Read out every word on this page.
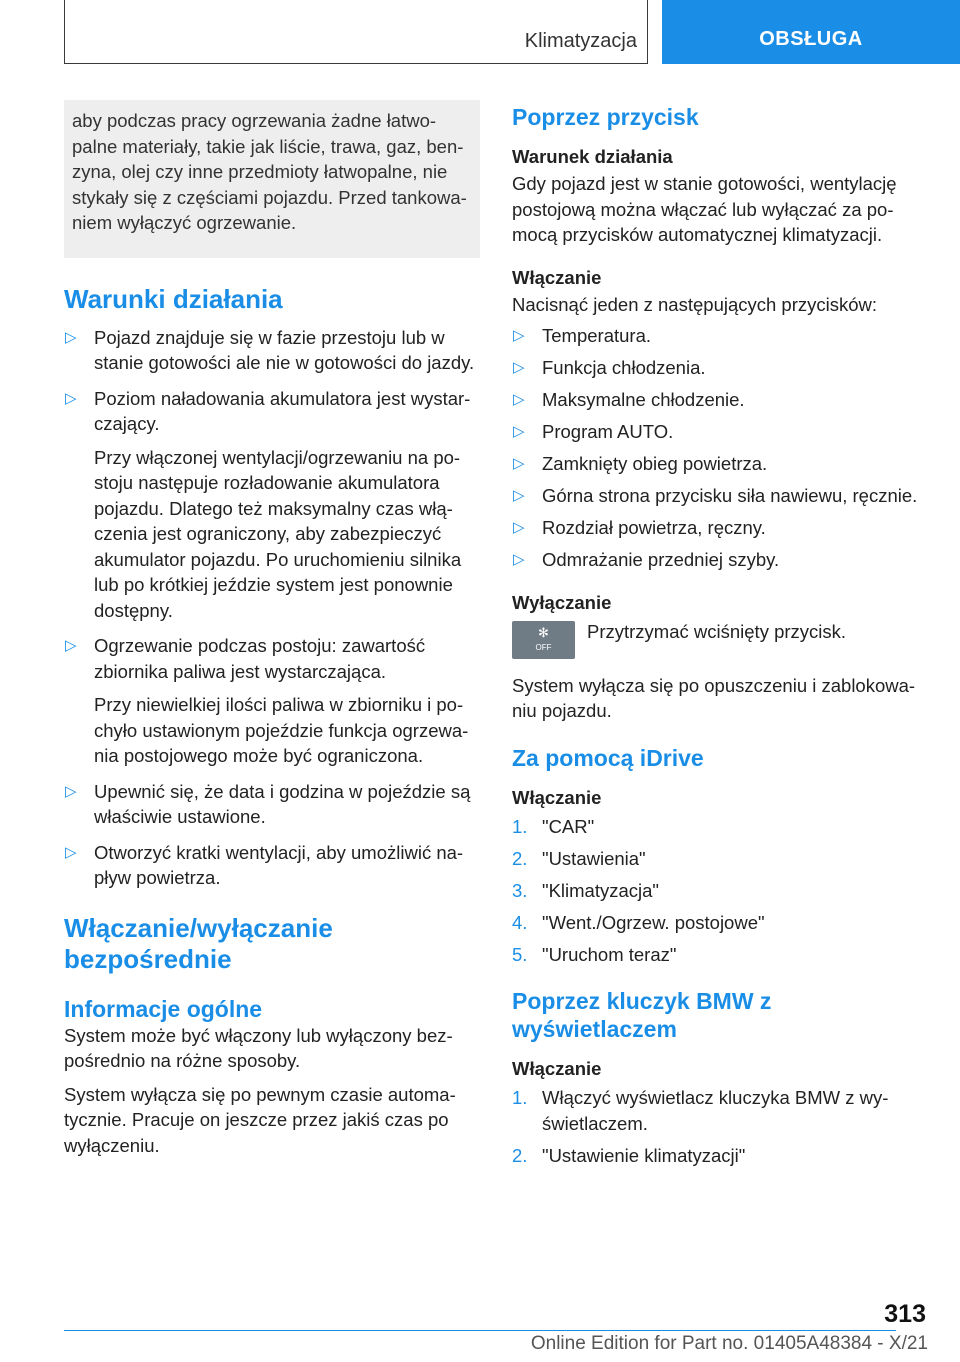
Klimatyzacja	OBSŁUGA
aby podczas pracy ogrzewania żadne łatwo-palne materiały, takie jak liście, trawa, gaz, ben-zyna, olej czy inne przedmioty łatwopalne, nie stykały się z częściami pojazdu. Przed tankowa-niem wyłączyć ogrzewanie.
Warunki działania
▷ Pojazd znajduje się w fazie przestoju lub w stanie gotowości ale nie w gotowości do jazdy.
▷ Poziom naładowania akumulatora jest wystar-czający.

Przy włączonej wentylacji/ogrzewaniu na po-stoju następuje rozładowanie akumulatora pojazdu. Dlatego też maksymalny czas włą-czenia jest ograniczony, aby zabezpieczyć akumulator pojazdu. Po uruchomieniu silnika lub po krótkiej jeździe system jest ponownie dostępny.

▷ Ogrzewanie podczas postoju: zawartość zbiornika paliwa jest wystarczająca.

Przy niewielkiej ilości paliwa w zbiorniku i po-chyło ustawionym pojeździe funkcja ogrzewa-nia postojowego może być ograniczona.

▷ Upewnić się, że data i godzina w pojeździe są właściwie ustawione.
▷ Otworzyć kratki wentylacji, aby umożliwić na-pływ powietrza.
Włączanie/wyłączanie
bezpośrednie
Informacje ogólne

System może być włączony lub wyłączony bez-pośrednio na różne sposoby.

System wyłącza się po pewnym czasie automa-tycznie. Pracuje on jeszcze przez jakiś czas po wyłączeniu.

Poprzez przycisk
Warunek działania

Gdy pojazd jest w stanie gotowości, wentylację postojową można włączać lub wyłączać za po-mocą przycisków automatycznej klimatyzacji.

Włączanie

Nacisnąć jeden z następujących przycisków:

▷ Temperatura.
▷ Funkcja chłodzenia.
▷ Maksymalne chłodzenie.
▷ Program AUTO.
▷ Zamknięty obieg powietrza.
▷ Górna strona przycisku siła nawiewu, ręcznie.
▷ Rozdział powietrza, ręczny.
▷ Odmrażanie przedniej szyby.
Wyłączanie
✻
OFF

Przytrzymać wciśnięty przycisk.

System wyłącza się po opuszczeniu i zablokowa-niu pojazdu.

Za pomocą iDrive
Włączanie
1. "CAR"
2. "Ustawienia"
3. "Klimatyzacja"
4. "Went./Ogrzew. postojowe"
5. "Uruchom teraz"
Poprzez kluczyk BMW z
wyświetlaczem
Włączanie
1. Włączyć wyświetlacz kluczyka BMW z wy-świetlaczem.
2. "Ustawienie klimatyzacji"
313
Online Edition for Part no. 01405A48384 - X/21
